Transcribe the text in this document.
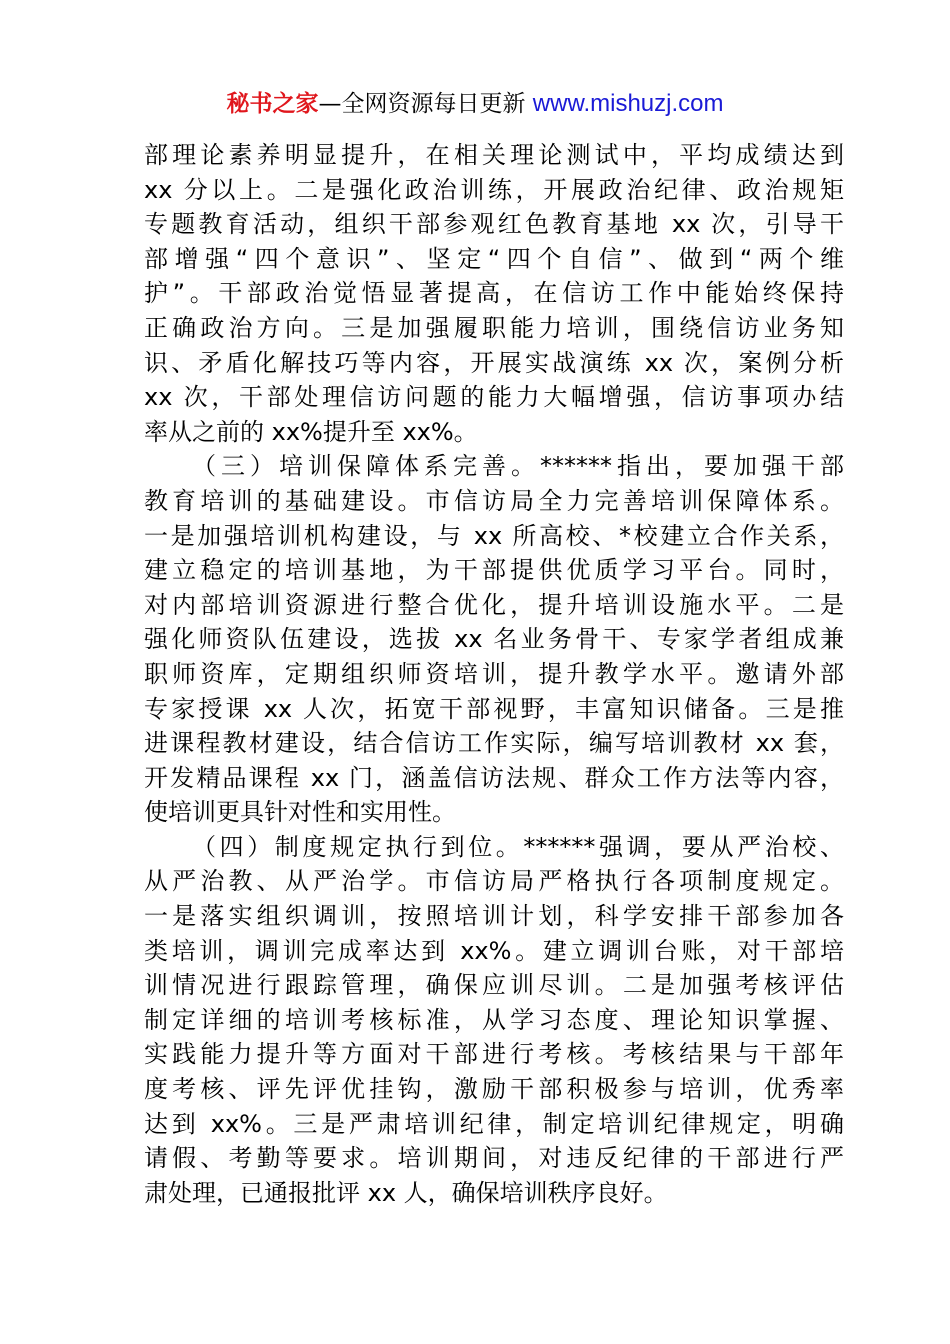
秘书之家—全网资源每日更新 www.mishuzj.com
部理论素养明显提升，在相关理论测试中，平均成绩达到
xx 分以上。二是强化政治训练，开展政治纪律、政治规矩
专题教育活动，组织干部参观红色教育基地 xx 次，引导干
部增强“四个意识”、坚定“四个自信”、做到“两个维
护”。干部政治觉悟显著提高，在信访工作中能始终保持
正确政治方向。三是加强履职能力培训，围绕信访业务知
识、矛盾化解技巧等内容，开展实战演练 xx 次，案例分析
xx 次，干部处理信访问题的能力大幅增强，信访事项办结
率从之前的 xx%提升至 xx%。
（三）培训保障体系完善。******指出，要加强干部
教育培训的基础建设。市信访局全力完善培训保障体系。
一是加强培训机构建设，与 xx 所高校、*校建立合作关系，
建立稳定的培训基地，为干部提供优质学习平台。同时，
对内部培训资源进行整合优化，提升培训设施水平。二是
强化师资队伍建设，选拔 xx 名业务骨干、专家学者组成兼
职师资库，定期组织师资培训，提升教学水平。邀请外部
专家授课 xx 人次，拓宽干部视野，丰富知识储备。三是推
进课程教材建设，结合信访工作实际，编写培训教材 xx 套，
开发精品课程 xx 门，涵盖信访法规、群众工作方法等内容，
使培训更具针对性和实用性。
（四）制度规定执行到位。******强调，要从严治校、
从严治教、从严治学。市信访局严格执行各项制度规定。
一是落实组织调训，按照培训计划，科学安排干部参加各
类培训，调训完成率达到 xx%。建立调训台账，对干部培
训情况进行跟踪管理，确保应训尽训。二是加强考核评估
制定详细的培训考核标准，从学习态度、理论知识掌握、
实践能力提升等方面对干部进行考核。考核结果与干部年
度考核、评先评优挂钩，激励干部积极参与培训，优秀率
达到 xx%。三是严肃培训纪律，制定培训纪律规定，明确
请假、考勤等要求。培训期间，对违反纪律的干部进行严
肃处理，已通报批评 xx 人，确保培训秩序良好。
